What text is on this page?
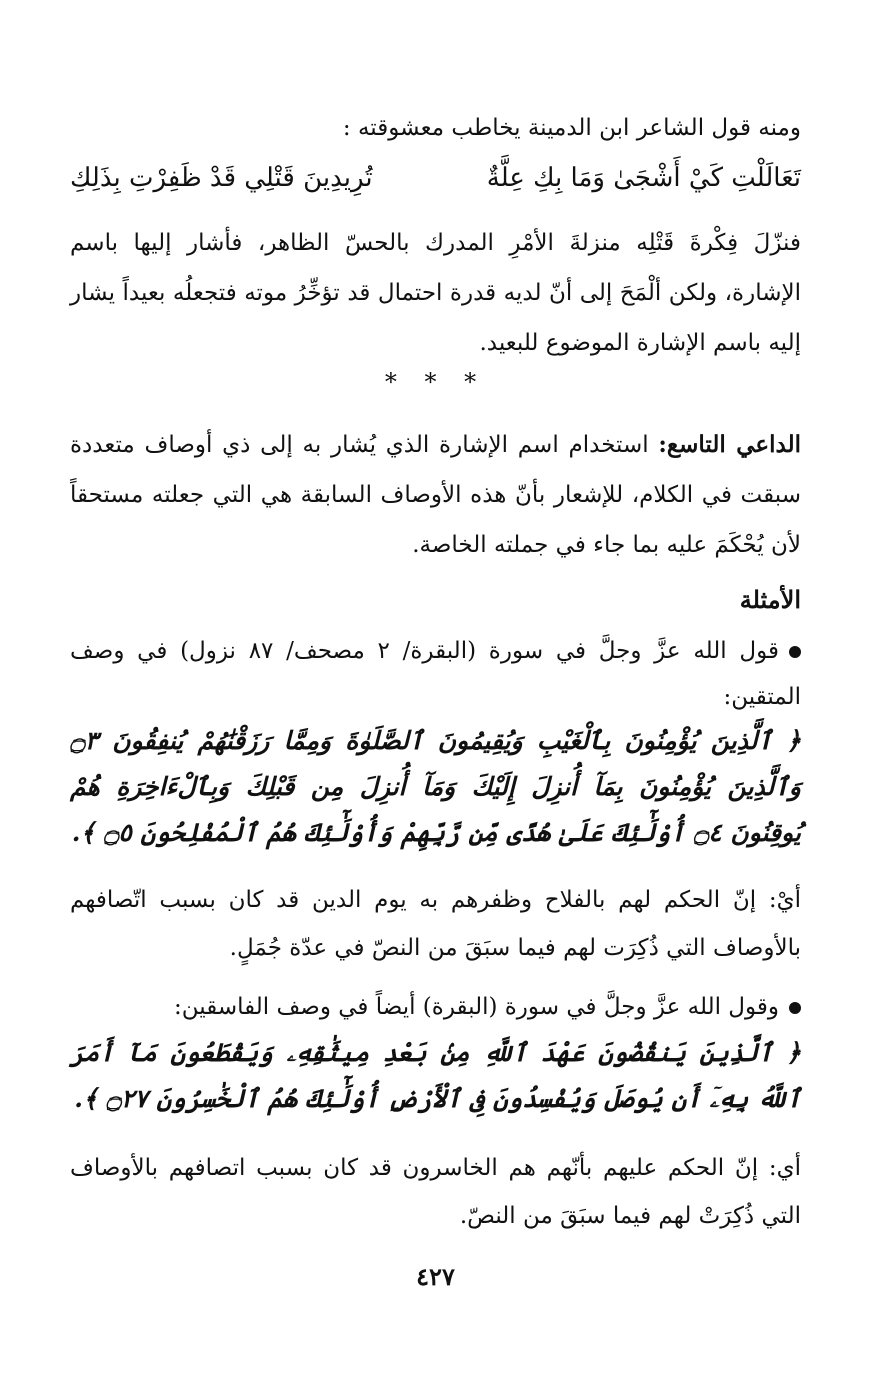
ومنه قول الشاعر ابن الدمينة يخاطب معشوقته :
تَعَالَلْتِ كَيْ أَشْجَىٰ وَمَا بِكِ عِلَّةٌ
تُرِيدِينَ قَتْلِي قَدْ ظَفِرْتِ بِذَلِكِ
فنزّلَ فِكْرةَ قَتْلِه منزلةَ الأمْرِ المدرك بالحسّ الظاهر، فأشار إليها باسم الإشارة، ولكن ألْمَحَ إلى أنّ لديه قدرة احتمال قد تؤخِّرُ موته فتجعلُه بعيداً يشار إليه باسم الإشارة الموضوع للبعيد.
* * *
الداعي التاسع: استخدام اسم الإشارة الذي يُشار به إلى ذي أوصاف متعددة سبقت في الكلام، للإشعار بأنّ هذه الأوصاف السابقة هي التي جعلته مستحقاً لأن يُحْكَمَ عليه بما جاء في جملته الخاصة.
الأمثلة
قول الله عزَّ وجلَّ في سورة (البقرة/ ٢ مصحف/ ٨٧ نزول) في وصف المتقين:
﴿ ٱلَّذِينَ يُؤْمِنُونَ بِٱلْغَيْبِ وَيُقِيمُونَ ٱلصَّلَوٰةَ وَمِمَّا رَزَقْنَٰهُمْ يُنفِقُونَ ۝٣ وَٱلَّذِينَ يُؤْمِنُونَ بِمَآ أُنزِلَ إِلَيْكَ وَمَآ أُنزِلَ مِن قَبْلِكَ وَبِٱلْءَاخِرَةِ هُمْ يُوقِنُونَ ۝٤ أُوْلَٰٓئِكَ عَلَىٰ هُدًى مِّن رَّبِّهِمْ وَأُوْلَٰٓئِكَ هُمُ ٱلْمُفْلِحُونَ ۝٥ ﴾.
أيْ: إنّ الحكم لهم بالفلاح وظفرهم به يوم الدين قد كان بسبب اتّصافهم بالأوصاف التي ذُكِرَت لهم فيما سبَقَ من النصّ في عدّة جُمَلٍ.
وقول الله عزَّ وجلَّ في سورة (البقرة) أيضاً في وصف الفاسقين:
﴿ ٱلَّذِينَ يَنقُضُونَ عَهْدَ ٱللَّهِ مِنۢ بَعْدِ مِيثَٰقِهِۦ وَيَقْطَعُونَ مَآ أَمَرَ ٱللَّهُ بِهِۦٓ أَن يُوصَلَ وَيُفْسِدُونَ فِى ٱلْأَرْضِ أُوْلَٰٓئِكَ هُمُ ٱلْخَٰسِرُونَ ۝٢٧ ﴾.
أي: إنّ الحكم عليهم بأنّهم هم الخاسرون قد كان بسبب اتصافهم بالأوصاف التي ذُكِرَتْ لهم فيما سبَقَ من النصّ.
٤٢٧
